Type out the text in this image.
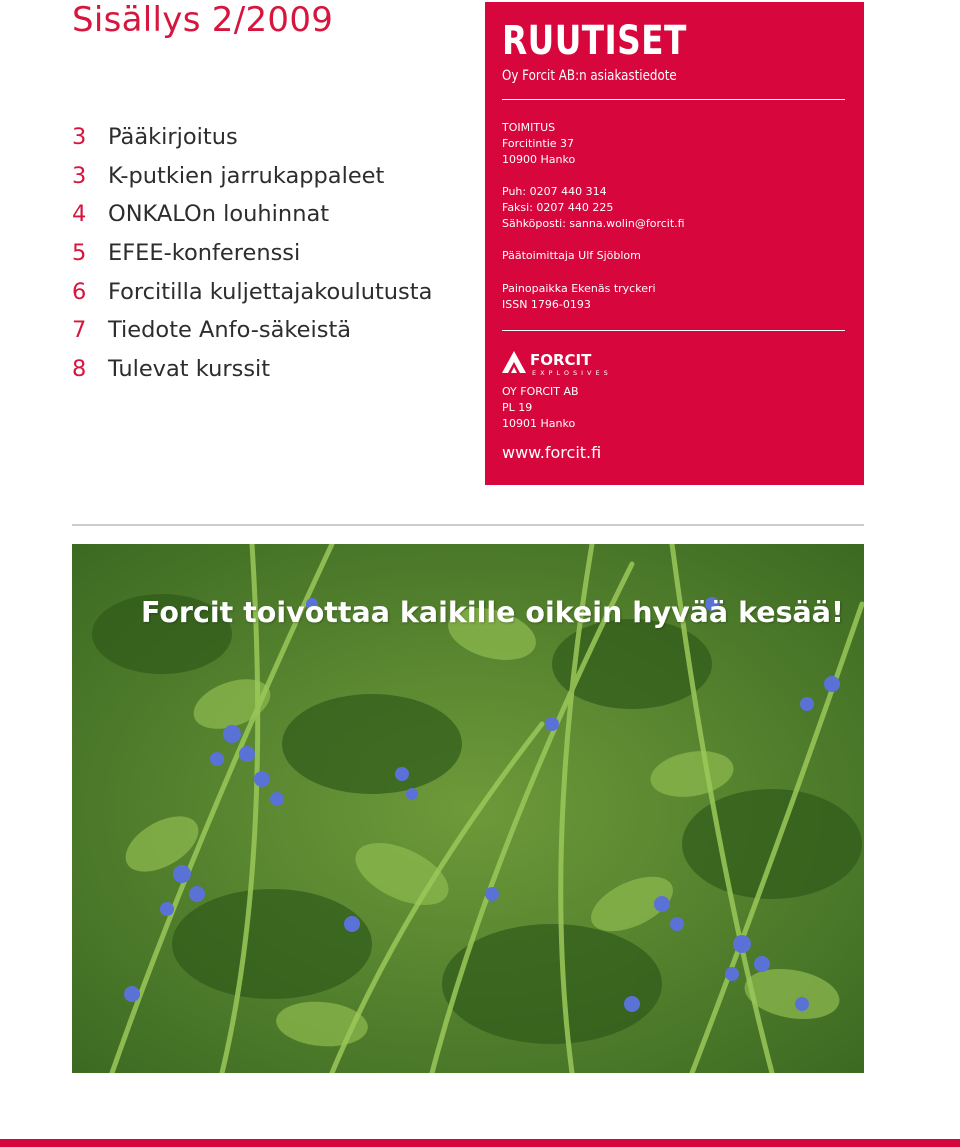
Sisällys 2/2009
3 Pääkirjoitus
3 K-putkien jarrukappaleet
4 ONKALOn louhinnat
5 EFEE-konferenssi
6 Forcitilla kuljettajakoulutusta
7 Tiedote Anfo-säkeistä
8 Tulevat kurssit
RUUTISET
Oy Forcit AB:n asiakastiedote
TOIMITUS
Forcitintie 37
10900 Hanko
Puh: 0207 440 314
Faksi: 0207 440 225
Sähköposti: sanna.wolin@forcit.fi
Päätoimittaja Ulf Sjöblom
Painopaikka Ekenäs tryckeri
ISSN 1796-0193
FORCIT
EXPLOSIVES
OY FORCIT AB
PL 19
10901 Hanko
www.forcit.fi
Forcit toivottaa kaikille oikein hyvää kesää!
